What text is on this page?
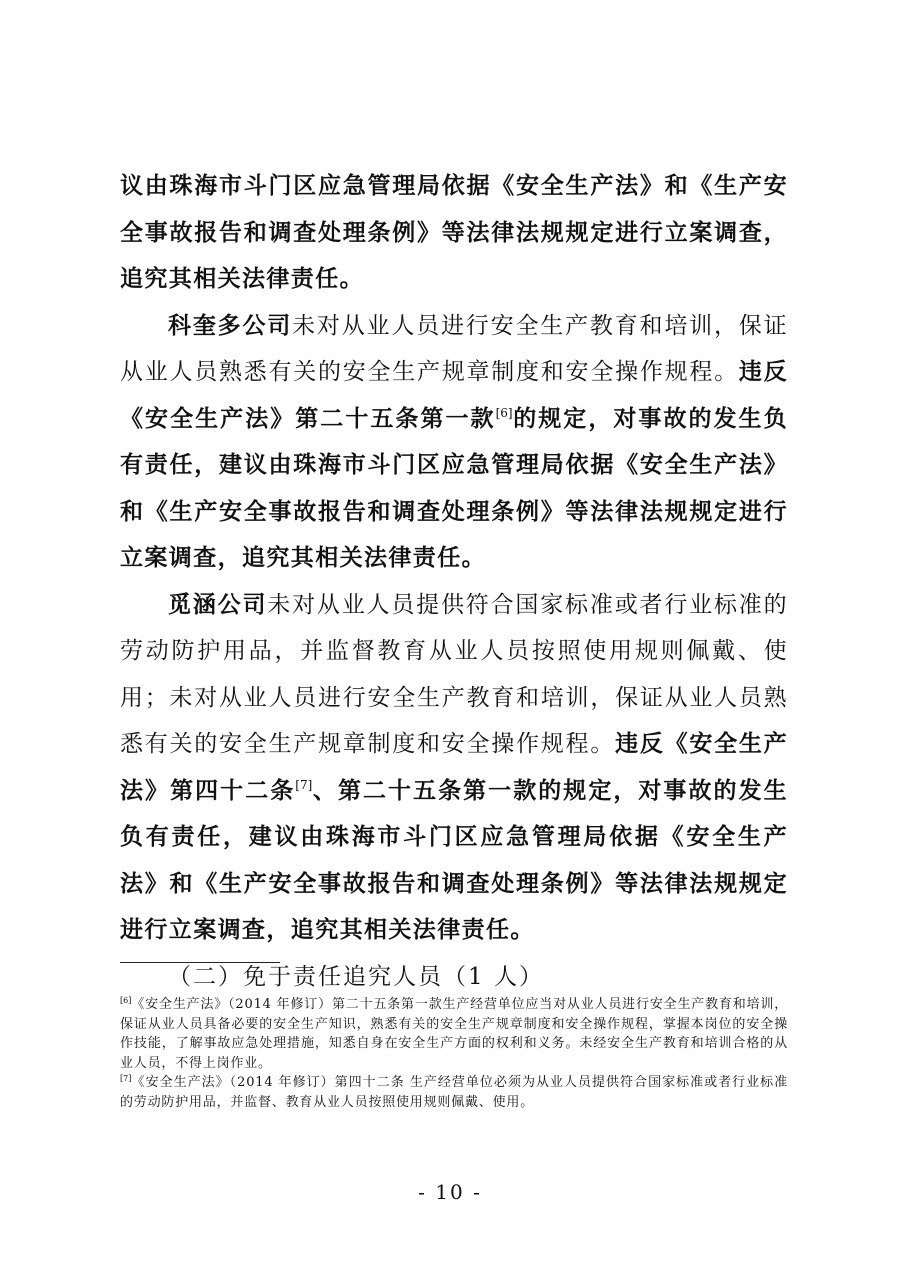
议由珠海市斗门区应急管理局依据《安全生产法》和《生产安全事故报告和调查处理条例》等法律法规规定进行立案调查，追究其相关法律责任。

科奎多公司未对从业人员进行安全生产教育和培训，保证从业人员熟悉有关的安全生产规章制度和安全操作规程。违反《安全生产法》第二十五条第一款[6]的规定，对事故的发生负有责任，建议由珠海市斗门区应急管理局依据《安全生产法》和《生产安全事故报告和调查处理条例》等法律法规规定进行立案调查，追究其相关法律责任。

觅涵公司未对从业人员提供符合国家标准或者行业标准的劳动防护用品，并监督教育从业人员按照使用规则佩戴、使用；未对从业人员进行安全生产教育和培训，保证从业人员熟悉有关的安全生产规章制度和安全操作规程。违反《安全生产法》第四十二条[7]、第二十五条第一款的规定，对事故的发生负有责任，建议由珠海市斗门区应急管理局依据《安全生产法》和《生产安全事故报告和调查处理条例》等法律法规规定进行立案调查，追究其相关法律责任。

（二）免于责任追究人员（1 人）

[6]《安全生产法》（2014 年修订）第二十五条第一款生产经营单位应当对从业人员进行安全生产教育和培训，保证从业人员具备必要的安全生产知识，熟悉有关的安全生产规章制度和安全操作规程，掌握本岗位的安全操作技能，了解事故应急处理措施，知悉自身在安全生产方面的权利和义务。未经安全生产教育和培训合格的从业人员，不得上岗作业。

[7]《安全生产法》（2014 年修订）第四十二条 生产经营单位必须为从业人员提供符合国家标准或者行业标准的劳动防护用品，并监督、教育从业人员按照使用规则佩戴、使用。

- 10 -
